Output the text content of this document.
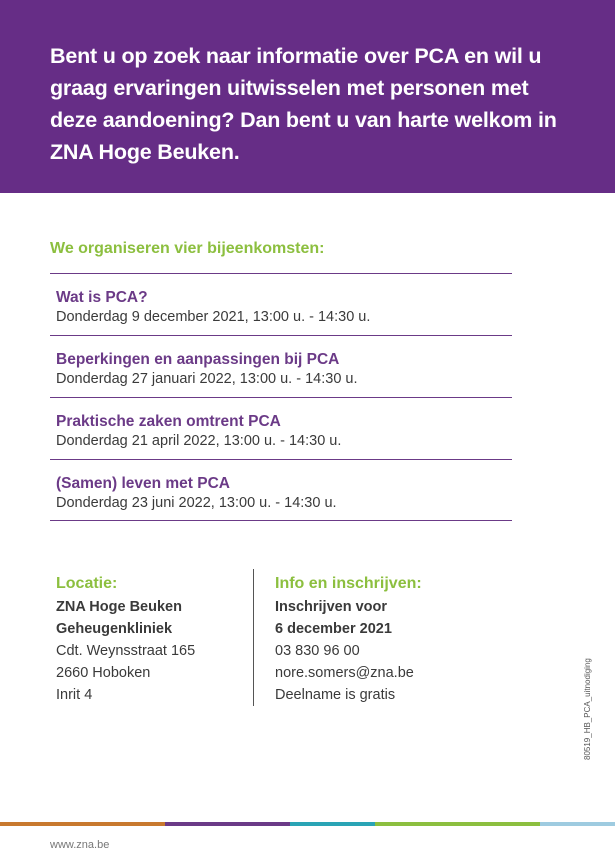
Bent u op zoek naar informatie over PCA en wil u
graag ervaringen uitwisselen met personen met
deze aandoening? Dan bent u van harte welkom in
ZNA Hoge Beuken.

We organiseren vier bijeenkomsten:
Wat is PCA?
Donderdag 9 december 2021, 13:00 u. - 14:30 u.
Beperkingen en aanpassingen bij PCA
Donderdag 27 januari 2022, 13:00 u. - 14:30 u.
Praktische zaken omtrent PCA
Donderdag 21 april 2022, 13:00 u. - 14:30 u.
(Samen) leven met PCA
Donderdag 23 juni 2022, 13:00 u. - 14:30 u.
Locatie:
ZNA Hoge Beuken
Geheugenkliniek
Cdt. Weynsstraat 165
2660 Hoboken
Inrit 4
Info en inschrijven:
Inschrijven voor
6 december 2021
03 830 96 00
nore.somers@zna.be
Deelname is gratis	80519_HB_PCA_uitnodiging
www.zna.be
